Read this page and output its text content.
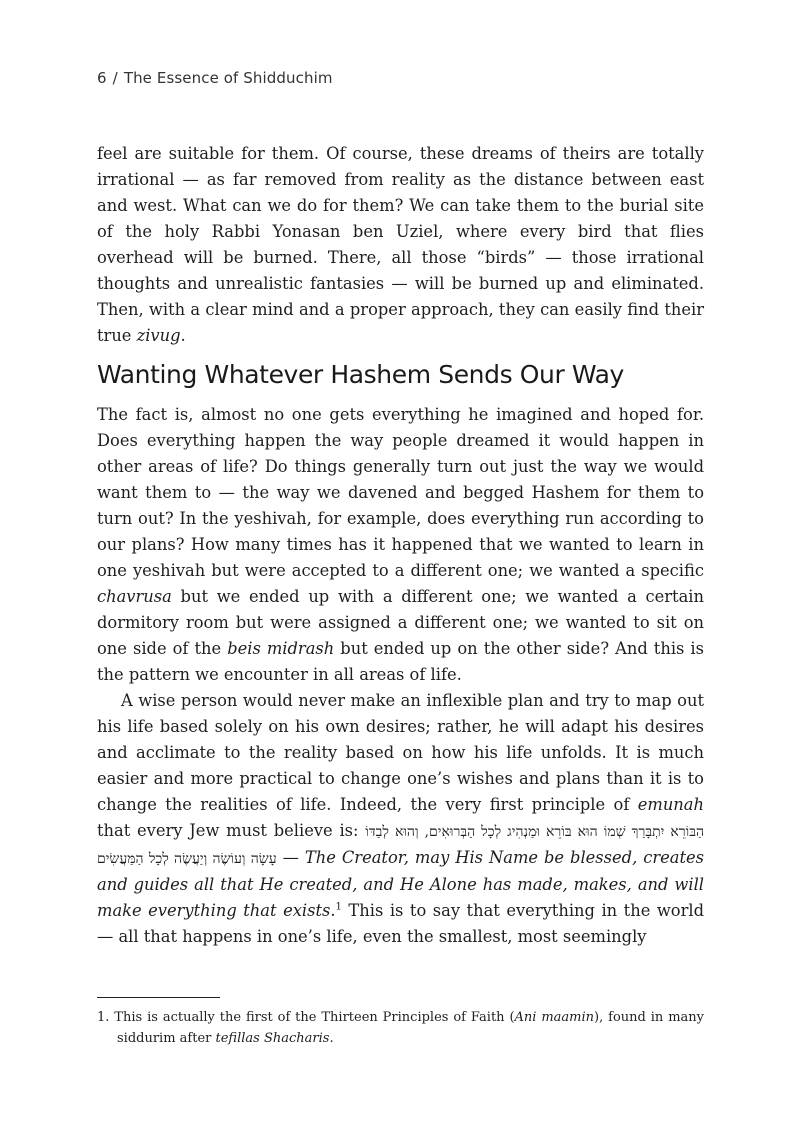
6 / The Essence of Shidduchim

feel are suitable for them. Of course, these dreams of theirs are totally irrational — as far removed from reality as the distance between east and west. What can we do for them? We can take them to the burial site of the holy Rabbi Yonasan ben Uziel, where every bird that flies overhead will be burned. There, all those “birds” — those irrational thoughts and unrealistic fantasies — will be burned up and eliminated. Then, with a clear mind and a proper approach, they can easily find their true zivug.

Wanting Whatever Hashem Sends Our Way

The fact is, almost no one gets everything he imagined and hoped for. Does everything happen the way people dreamed it would happen in other areas of life? Do things generally turn out just the way we would want them to — the way we davened and begged Hashem for them to turn out? In the yeshivah, for example, does everything run according to our plans? How many times has it happened that we wanted to learn in one yeshivah but were accepted to a different one; we wanted a specific chavrusa but we ended up with a different one; we wanted a certain dormitory room but were assigned a different one; we wanted to sit on one side of the beis midrash but ended up on the other side? And this is the pattern we encounter in all areas of life.

A wise person would never make an inflexible plan and try to map out his life based solely on his own desires; rather, he will adapt his desires and acclimate to the reality based on how his life unfolds. It is much easier and more practical to change one’s wishes and plans than it is to change the realities of life. Indeed, the very first principle of emunah that every Jew must believe is: הַבּוֹרֵא יִתְבָּרַךְ שְׁמוֹ הוּא בּוֹרֵא וּמַנְהִיג לְכָל הַבְּרוּאִים, וְהוּא לְבַדּוֹ עָשָׂה וְעוֹשֶׂה וְיַעֲשֶׂה לְכָל הַמַּעֲשִׂים — The Creator, may His Name be blessed, creates and guides all that He created, and He Alone has made, makes, and will make everything that exists.$^1$ This is to say that everything in the world — all that happens in one’s life, even the smallest, most seemingly

1. This is actually the first of the Thirteen Principles of Faith (Ani maamin), found in many siddurim after tefillas Shacharis.
